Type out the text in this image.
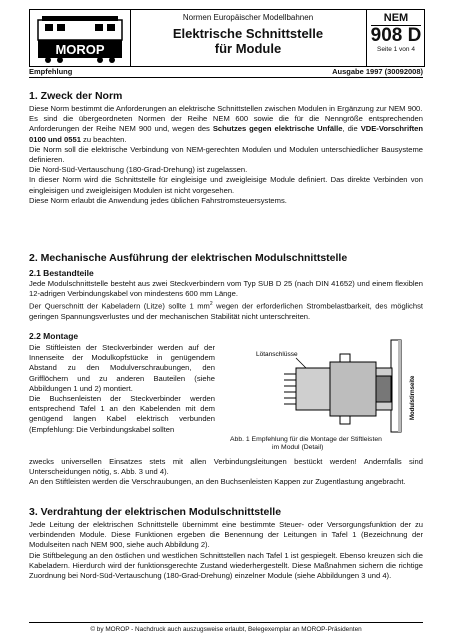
MOROP
Normen Europäischer Modellbahnen
Elektrische Schnittstelle
für Module
NEM
908 D
Seite 1 von 4
Empfehlung	Ausgabe 1997 (30092008)
1. Zweck der Norm
Diese Norm bestimmt die Anforderungen an elektrische Schnittstellen zwischen Modulen in Ergänzung zur NEM 900.
Es sind die übergeordneten Normen der Reihe NEM 600 sowie die für die Nenngröße entsprechenden Anforderungen der Reihe NEM 900 und, wegen des Schutzes gegen elektrische Unfälle, die VDE-Vorschriften 0100 und 0551 zu beachten.
Die Norm soll die elektrische Verbindung von NEM-gerechten Modulen und Modulen unterschiedlicher Bausysteme definieren.
Die Nord-Süd-Vertauschung (180-Grad-Drehung) ist zugelassen.
In dieser Norm wird die Schnittstelle für eingleisige und zweigleisige Module definiert. Das direkte Verbinden von eingleisigen und zweigleisigen Modulen ist nicht vorgesehen.
Diese Norm erlaubt die Anwendung jedes üblichen Fahrstromsteuersystems.
2. Mechanische Ausführung der elektrischen Modulschnittstelle
2.1 Bestandteile
Jede Modulschnittstelle besteht aus zwei Steckverbindern vom Typ SUB D 25 (nach DIN 41652) und einem flexiblen 12-adrigen Verbindungskabel von mindestens 600 mm Länge.
Der Querschnitt der Kabeladern (Litze) sollte 1 $mm^2$ wegen der erforderlichen Strombelastbarkeit, des möglichst geringen Spannungsverlustes und der mechanischen Stabilität nicht unterschreiten.
2.2 Montage
Die Stiftleisten der Steckverbinder werden auf der Innenseite der Modulkopfstücke in genügendem Abstand zu den Modulverschraubungen, den Grifflöchern und zu anderen Bauteilen (siehe Abbildungen 1 und 2) montiert.
Die Buchsenleisten der Steckverbinder werden entsprechend Tafel 1 an den Kabelenden mit dem genügend langen Kabel elektrisch verbunden (Empfehlung: Die Verbindungskabel sollten
Lötanschlüsse
Modulstirnseite
Abb. 1 Empfehlung für die Montage der Stiftleisten
im Modul (Detail)
zwecks universellen Einsatzes stets mit allen Verbindungsleitungen bestückt werden! Andernfalls sind Unterscheidungen nötig, s. Abb. 3 und 4).
An den Stiftleisten werden die Verschraubungen, an den Buchsenleisten Kappen zur Zugentlastung angebracht.
3. Verdrahtung der elektrischen Modulschnittstelle
Jede Leitung der elektrischen Schnittstelle übernimmt eine bestimmte Steuer- oder Versorgungsfunktion der zu verbindenden Module. Diese Funktionen ergeben die Benennung der Leitungen in Tafel 1 (Bezeichnung der Modulseiten nach NEM 900, siehe auch Abbildung 2).
Die Stiftbelegung an den östlichen und westlichen Schnittstellen nach Tafel 1 ist gespiegelt. Ebenso kreuzen sich die Kabeladern. Hierdurch wird der funktionsgerechte Zustand wiederhergestellt. Diese Maßnahmen sichern die richtige Zuordnung bei Nord-Süd-Vertauschung (180-Grad-Drehung) einzelner Module (siehe Abbildungen 3 und 4).
© by MOROP - Nachdruck auch auszugsweise erlaubt, Belegexemplar an MOROP-Präsidenten
